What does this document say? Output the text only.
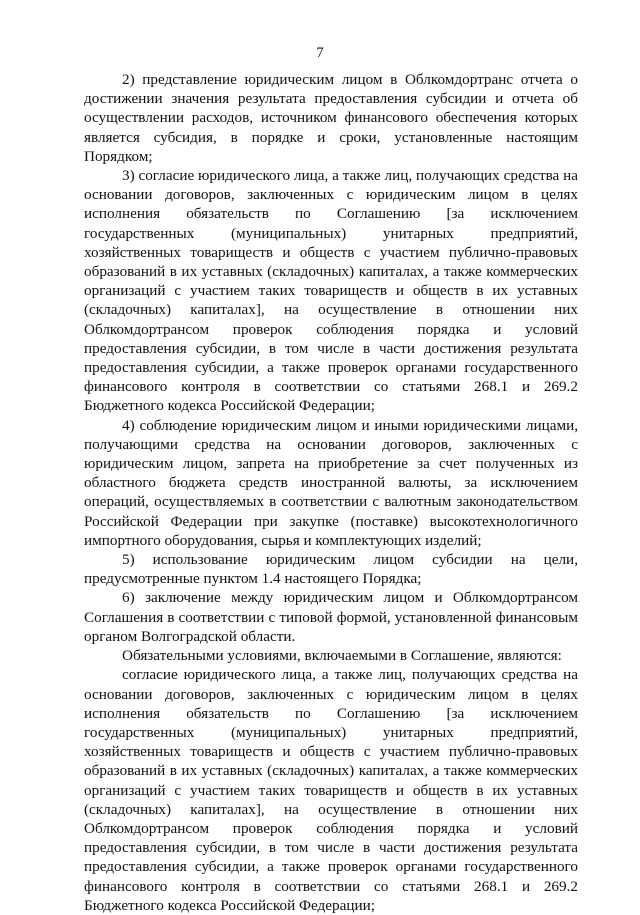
7

2) представление юридическим лицом в Облкомдортранс отчета о достижении значения результата предоставления субсидии и отчета об осуществлении расходов, источником финансового обеспечения которых является субсидия, в порядке и сроки, установленные настоящим Порядком;

3) согласие юридического лица, а также лиц, получающих средства на основании договоров, заключенных с юридическим лицом в целях исполнения обязательств по Соглашению [за исключением государственных (муниципальных) унитарных предприятий, хозяйственных товариществ и обществ с участием публично-правовых образований в их уставных (складочных) капиталах, а также коммерческих организаций с участием таких товариществ и обществ в их уставных (складочных) капиталах], на осуществление в отношении них Облкомдортрансом проверок соблюдения порядка и условий предоставления субсидии, в том числе в части достижения результата предоставления субсидии, а также проверок органами государственного финансового контроля в соответствии со статьями 268.1 и 269.2 Бюджетного кодекса Российской Федерации;

4) соблюдение юридическим лицом и иными юридическими лицами, получающими средства на основании договоров, заключенных с юридическим лицом, запрета на приобретение за счет полученных из областного бюджета средств иностранной валюты, за исключением операций, осуществляемых в соответствии с валютным законодательством Российской Федерации при закупке (поставке) высокотехнологичного импортного оборудования, сырья и комплектующих изделий;

5) использование юридическим лицом субсидии на цели, предусмотренные пунктом 1.4 настоящего Порядка;

6) заключение между юридическим лицом и Облкомдортрансом Соглашения в соответствии с типовой формой, установленной финансовым органом Волгоградской области.

Обязательными условиями, включаемыми в Соглашение, являются:

согласие юридического лица, а также лиц, получающих средства на основании договоров, заключенных с юридическим лицом в целях исполнения обязательств по Соглашению [за исключением государственных (муниципальных) унитарных предприятий, хозяйственных товариществ и обществ с участием публично-правовых образований в их уставных (складочных) капиталах, а также коммерческих организаций с участием таких товариществ и обществ в их уставных (складочных) капиталах], на осуществление в отношении них Облкомдортрансом проверок соблюдения порядка и условий предоставления субсидии, в том числе в части достижения результата предоставления субсидии, а также проверок органами государственного финансового контроля в соответствии со статьями 268.1 и 269.2 Бюджетного кодекса Российской Федерации;
